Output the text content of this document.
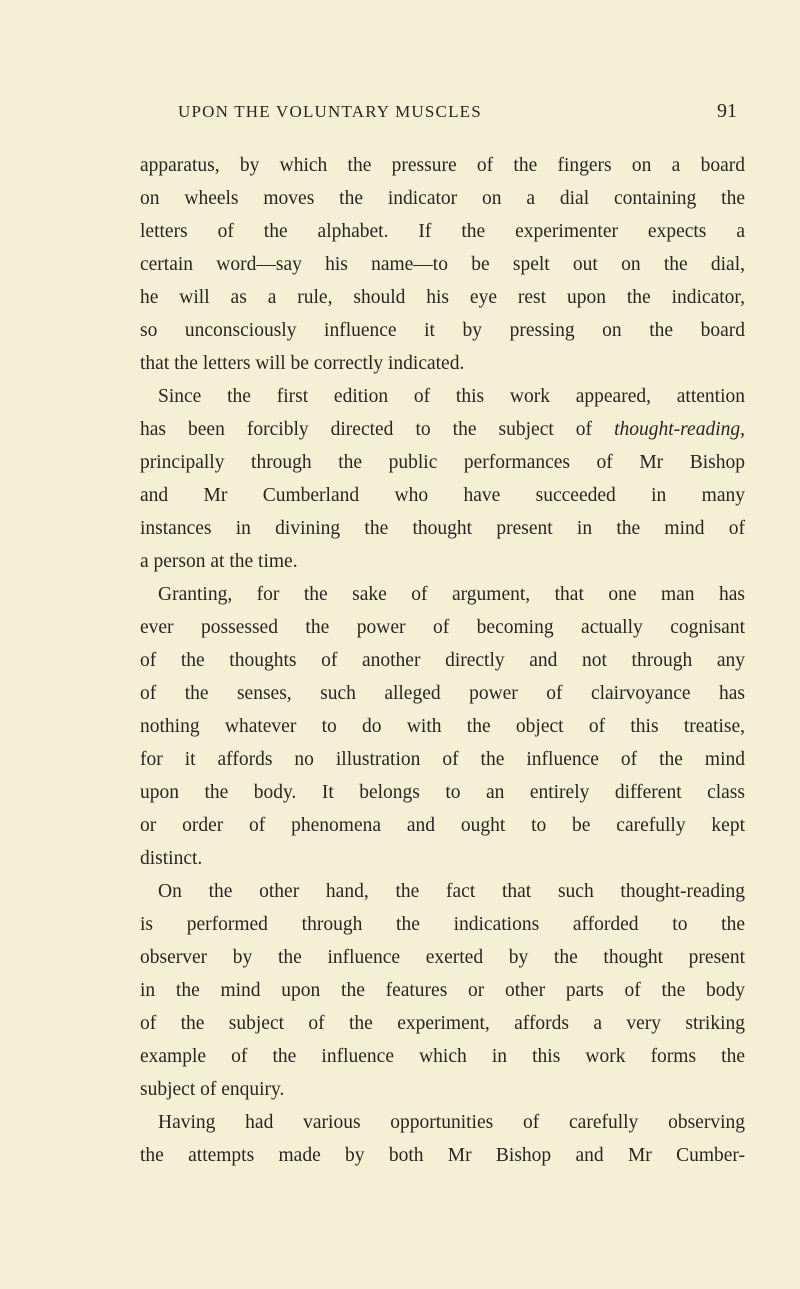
UPON THE VOLUNTARY MUSCLES	91
apparatus, by which the pressure of the fingers on a board
on wheels moves the indicator on a dial containing the
letters of the alphabet. If the experimenter expects a
certain word—say his name—to be spelt out on the dial,
he will as a rule, should his eye rest upon the indicator,
so unconsciously influence it by pressing on the board
that the letters will be correctly indicated.
Since the first edition of this work appeared, attention
has been forcibly directed to the subject of thought-reading,
principally through the public performances of Mr Bishop
and Mr Cumberland who have succeeded in many
instances in divining the thought present in the mind of
a person at the time.
Granting, for the sake of argument, that one man has
ever possessed the power of becoming actually cognisant
of the thoughts of another directly and not through any
of the senses, such alleged power of clairvoyance has
nothing whatever to do with the object of this treatise,
for it affords no illustration of the influence of the mind
upon the body. It belongs to an entirely different class
or order of phenomena and ought to be carefully kept
distinct.
On the other hand, the fact that such thought-reading
is performed through the indications afforded to the
observer by the influence exerted by the thought present
in the mind upon the features or other parts of the body
of the subject of the experiment, affords a very striking
example of the influence which in this work forms the
subject of enquiry.
Having had various opportunities of carefully observing
the attempts made by both Mr Bishop and Mr Cumber-
